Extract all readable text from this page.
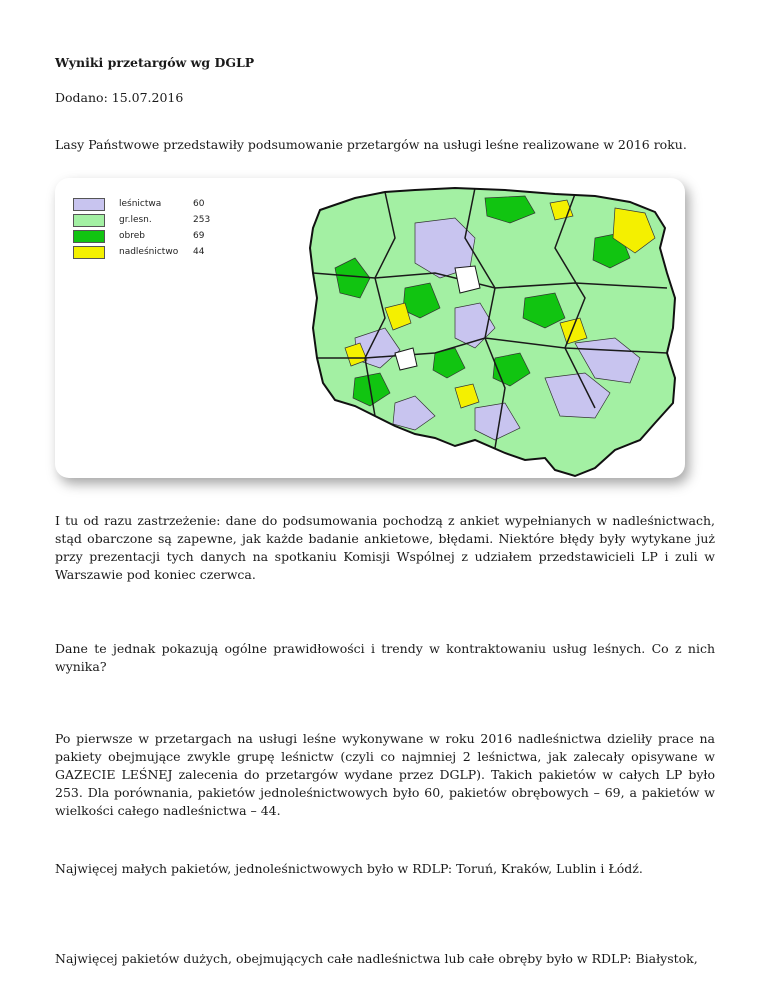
Wyniki przetargów wg DGLP
Dodano: 15.07.2016
Lasy Państwowe przedstawiły podsumowanie przetargów na usługi leśne realizowane w 2016 roku.
leśnictwa	60
gr.lesn.	253
obreb	69
nadleśnictwo	44
I tu od razu zastrzeżenie: dane do podsumowania pochodzą z ankiet wypełnianych w nadleśnictwach, stąd obarczone są zapewne, jak każde badanie ankietowe, błędami. Niektóre błędy były wytykane już przy prezentacji tych danych na spotkaniu Komisji Wspólnej z udziałem przedstawicieli LP i zuli w Warszawie pod koniec czerwca.
Dane te jednak pokazują ogólne prawidłowości i trendy w kontraktowaniu usług leśnych. Co z nich wynika?
Po pierwsze w przetargach na usługi leśne wykonywane w roku 2016 nadleśnictwa dzieliły prace na pakiety obejmujące zwykle grupę leśnictw (czyli co najmniej 2 leśnictwa, jak zalecały opisywane w GAZECIE LEŚNEJ zalecenia do przetargów wydane przez DGLP). Takich pakietów w całych LP było 253. Dla porównania, pakietów jednoleśnictwowych było 60, pakietów obrębowych – 69, a pakietów w wielkości całego nadleśnictwa – 44.
Najwięcej małych pakietów, jednoleśnictwowych było w RDLP: Toruń, Kraków, Lublin i Łódź.
Najwięcej pakietów dużych, obejmujących całe nadleśnictwa lub całe obręby było w RDLP: Białystok,
